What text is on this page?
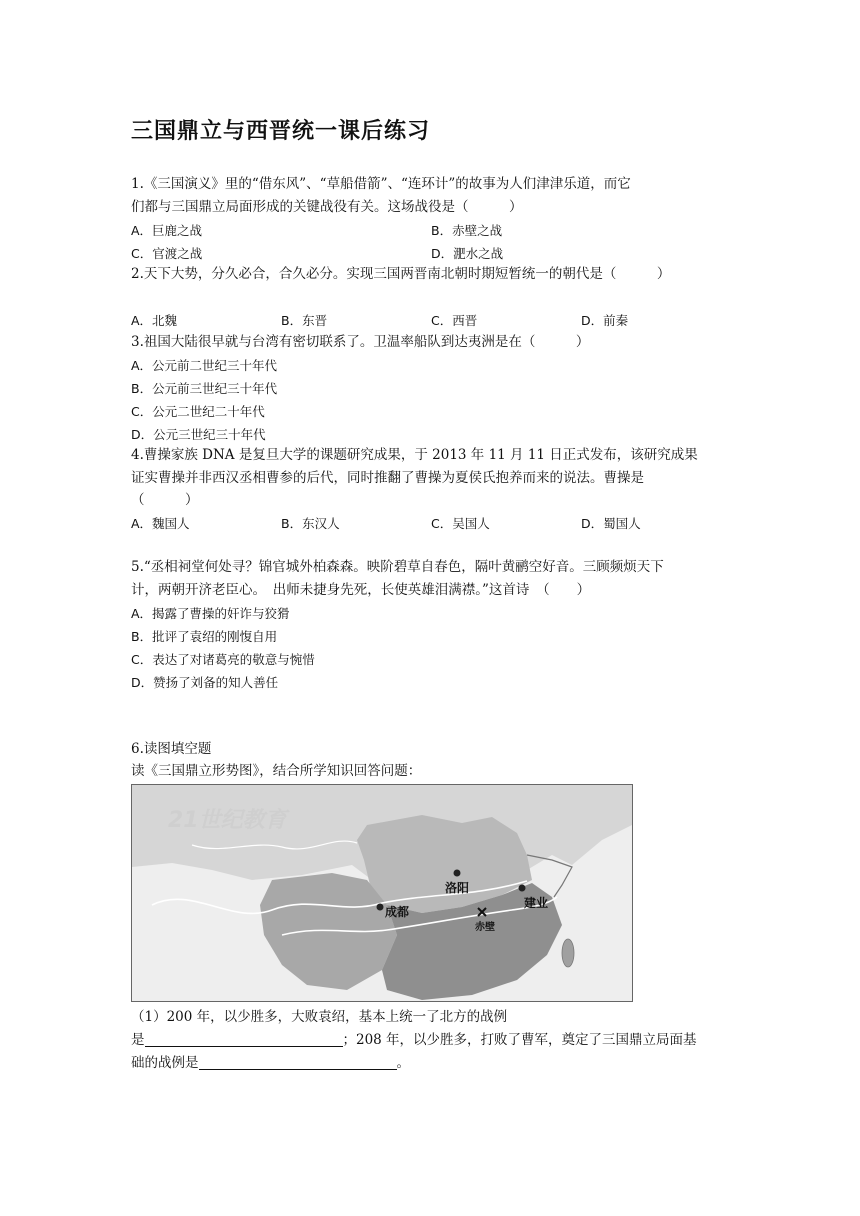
三国鼎立与西晋统一课后练习
1.《三国演义》里的“借东风”、“草船借箭”、“连环计”的故事为人们津津乐道，而它
们都与三国鼎立局面形成的关键战役有关。这场战役是（　　　）
A．巨鹿之战	B．赤壁之战
C．官渡之战	D．淝水之战
2.天下大势，分久必合，合久必分。实现三国两晋南北朝时期短暂统一的朝代是（　　　）
A．北魏	B．东晋	C．西晋	D．前秦
3.祖国大陆很早就与台湾有密切联系了。卫温率船队到达夷洲是在（　　　）
A．公元前二世纪三十年代
B．公元前三世纪三十年代
C．公元二世纪二十年代
D．公元三世纪三十年代
4.曹操家族 DNA 是复旦大学的课题研究成果，于 2013 年 11 月 11 日正式发布，该研究成果
证实曹操并非西汉丞相曹参的后代，同时推翻了曹操为夏侯氏抱养而来的说法。曹操是
（　　　）
A．魏国人	B．东汉人	C．吴国人	D．蜀国人
5.“丞相祠堂何处寻？锦官城外柏森森。映阶碧草自春色，隔叶黄鹂空好音。三顾频烦天下
计，两朝开济老臣心。　出师未捷身先死，长使英雄泪满襟。”这首诗　（　　）
A．揭露了曹操的奸诈与狡猾
B．批评了袁绍的刚愎自用
C．表达了对诸葛亮的敬意与惋惜
D．赞扬了刘备的知人善任
6.读图填空题
读《三国鼎立形势图》，结合所学知识回答问题：
21世纪教育
洛阳
建业
成都
赤壁
（1）200 年，以少胜多，大败袁绍，基本上统一了北方的战例
是	；208 年，以少胜多，打败了曹军，奠定了三国鼎立局面基
础的战例是	。
